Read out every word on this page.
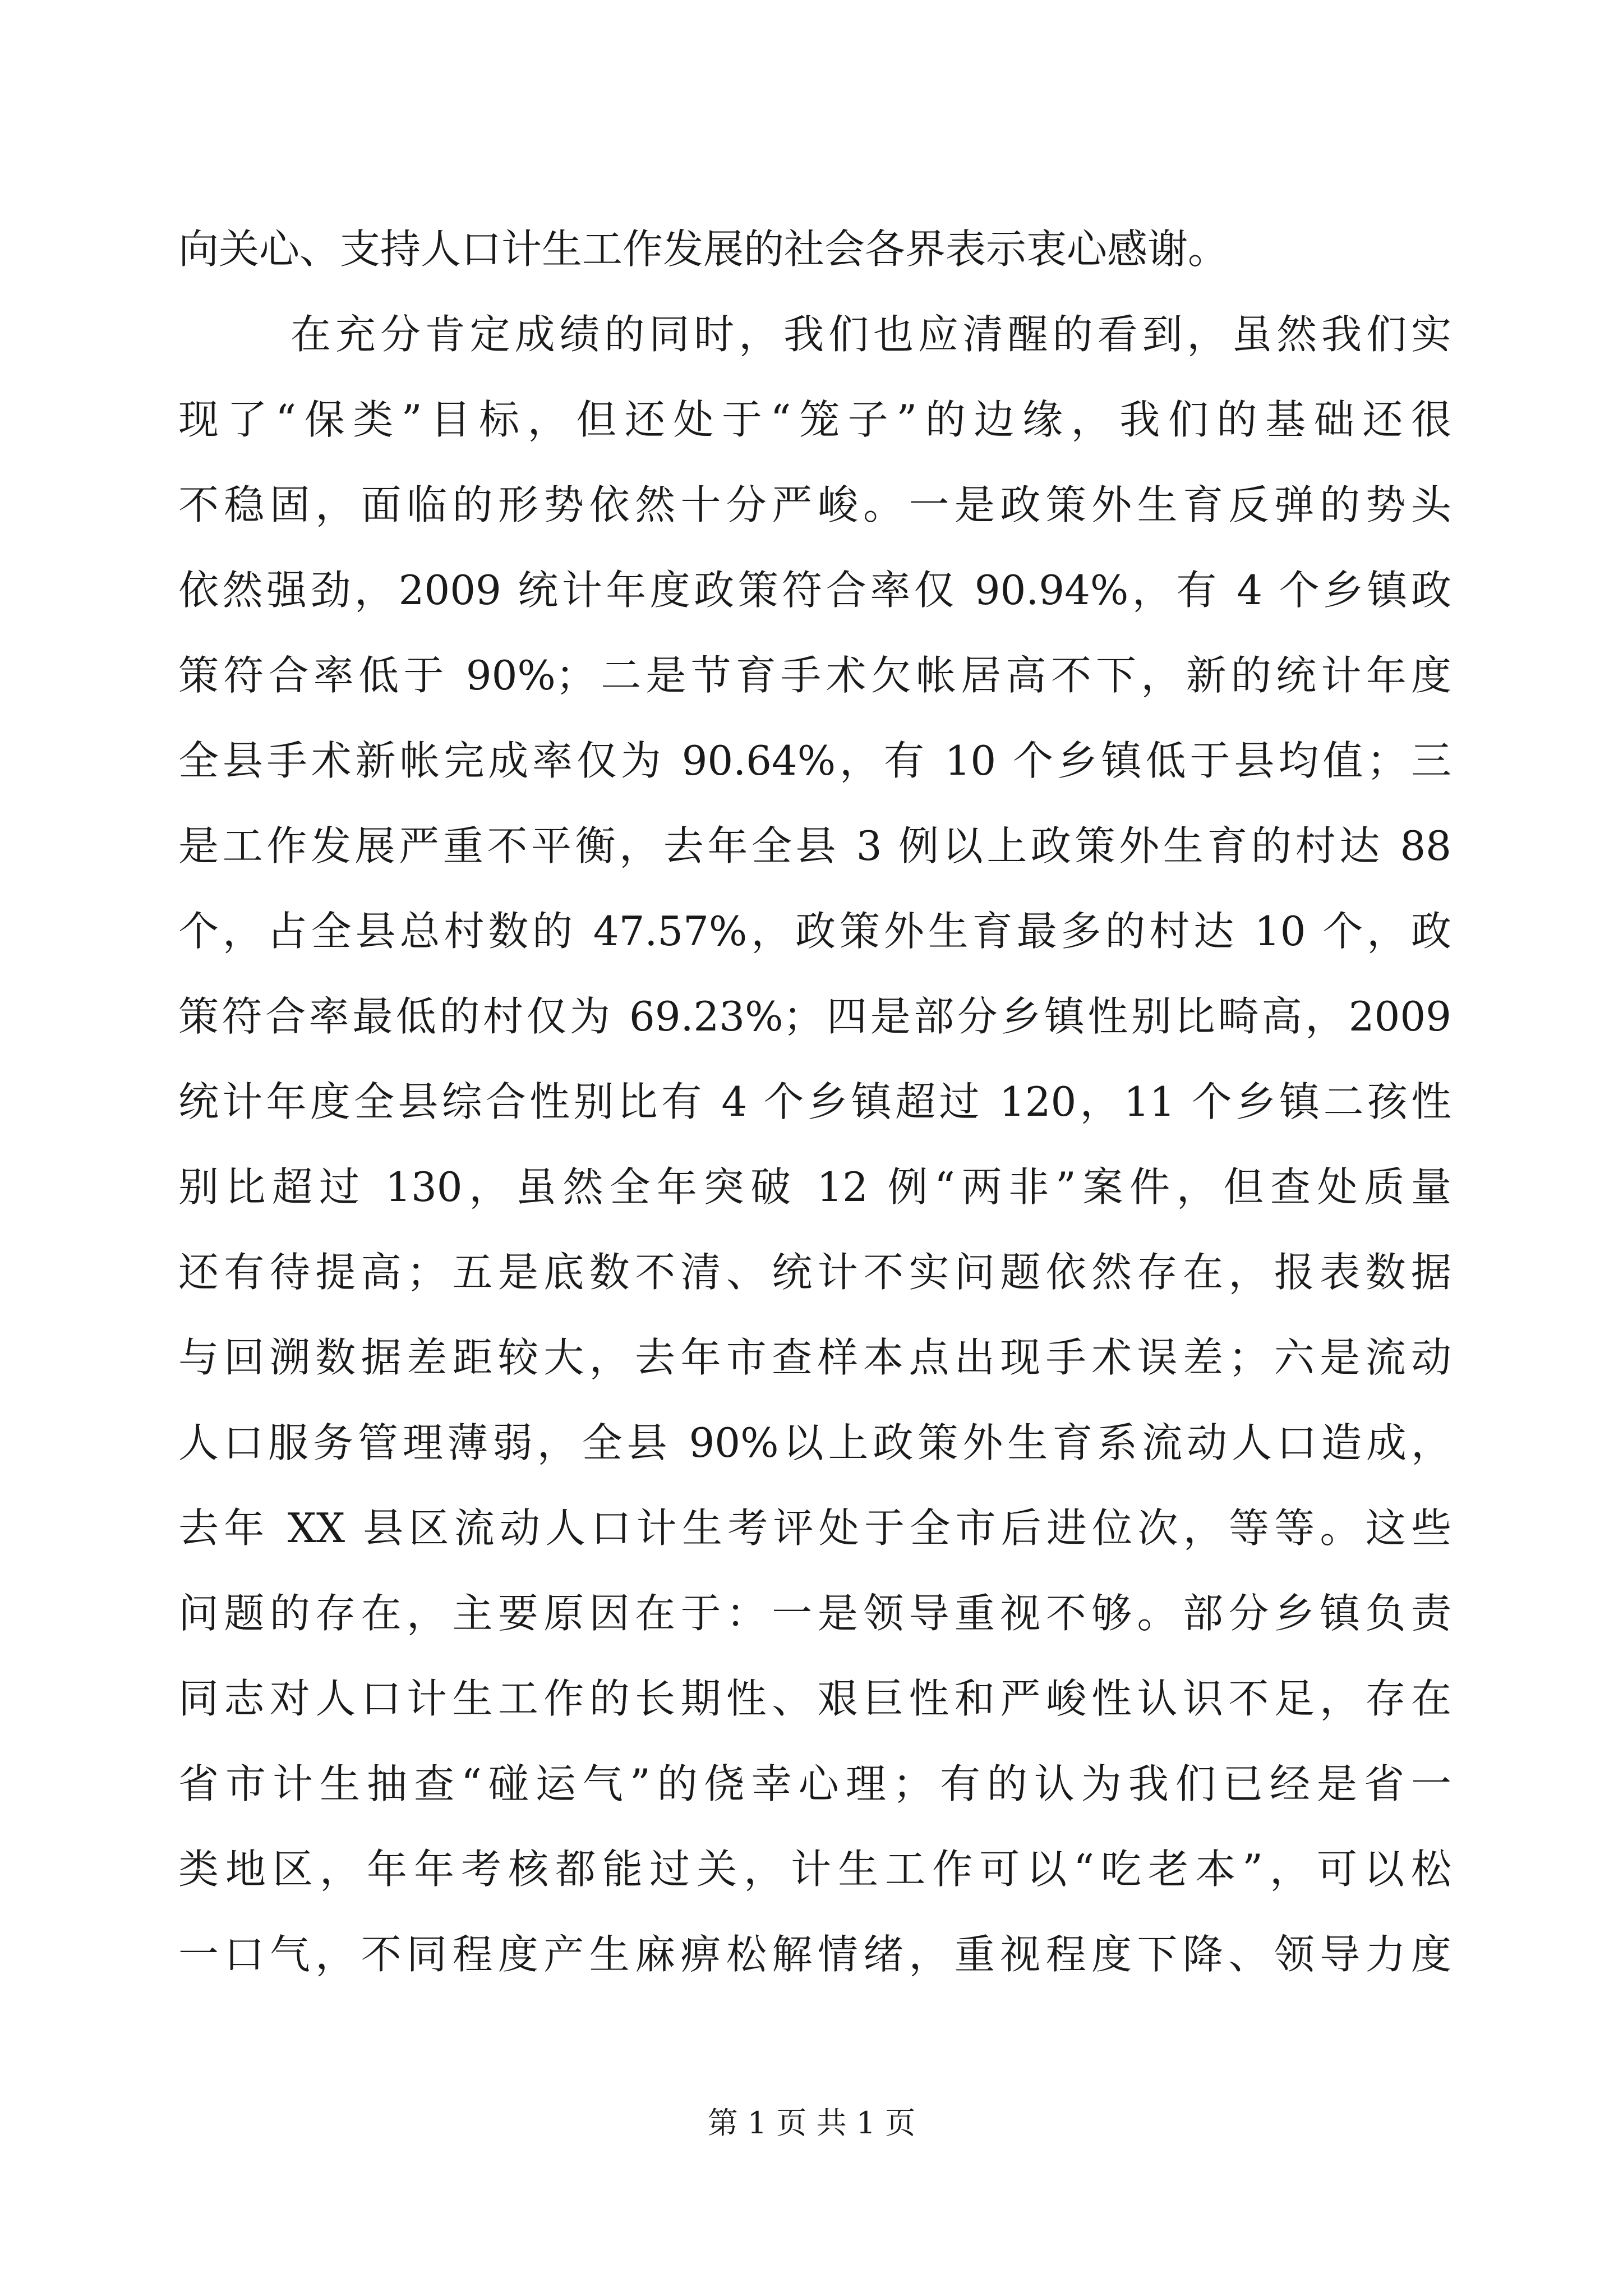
向关心、支持人口计生工作发展的社会各界表示衷心感谢。
在充分肯定成绩的同时，我们也应清醒的看到，虽然我们实
现了“保类”目标，但还处于“笼子”的边缘，我们的基础还很
不稳固，面临的形势依然十分严峻。一是政策外生育反弹的势头
依然强劲，2009 统计年度政策符合率仅 90.94%，有 4 个乡镇政
策符合率低于 90%；二是节育手术欠帐居高不下，新的统计年度
全县手术新帐完成率仅为 90.64%，有 10 个乡镇低于县均值；三
是工作发展严重不平衡，去年全县 3 例以上政策外生育的村达 88
个，占全县总村数的 47.57%，政策外生育最多的村达 10 个，政
策符合率最低的村仅为 69.23%；四是部分乡镇性别比畸高，2009
统计年度全县综合性别比有 4 个乡镇超过 120，11 个乡镇二孩性
别比超过 130，虽然全年突破 12 例“两非”案件，但查处质量
还有待提高；五是底数不清、统计不实问题依然存在，报表数据
与回溯数据差距较大，去年市查样本点出现手术误差；六是流动
人口服务管理薄弱，全县 90%以上政策外生育系流动人口造成，
去年 XX 县区流动人口计生考评处于全市后进位次，等等。这些
问题的存在，主要原因在于：一是领导重视不够。部分乡镇负责
同志对人口计生工作的长期性、艰巨性和严峻性认识不足，存在
省市计生抽查“碰运气”的侥幸心理；有的认为我们已经是省一
类地区，年年考核都能过关，计生工作可以“吃老本”，可以松
一口气，不同程度产生麻痹松解情绪，重视程度下降、领导力度
第 1 页 共 1 页
